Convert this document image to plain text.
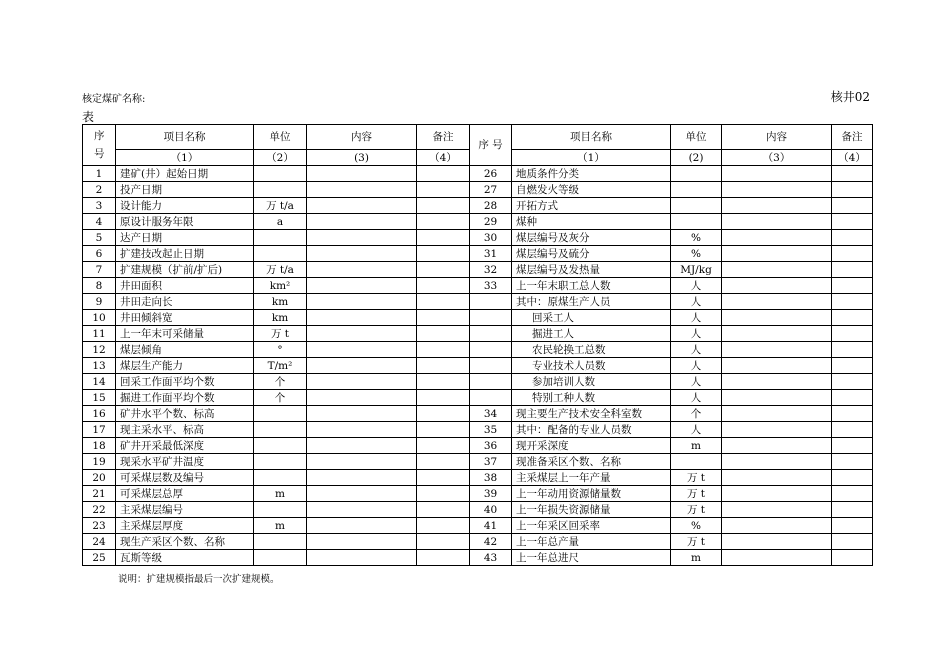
核定煤矿名称:	核井02
表
序号	项目名称	单位	内容	备注	序 号	项目名称	单位	内容	备注
	（1）	（2）	(3)	（4）		（1）	(2)	（3）	（4）
1	建矿(井）起始日期				26	地质条件分类			
2	投产日期				27	自燃发火等级			
3	设计能力	万 t/a			28	开拓方式			
4	原设计服务年限	a			29	煤种			
5	达产日期				30	煤层编号及灰分	%		
6	扩建技改起止日期				31	煤层编号及硫分	%		
7	扩建规模（扩前/扩后)	万 t/a			32	煤层编号及发热量	MJ/kg		
8	井田面积	km²			33	上一年末职工总人数	人		
9	井田走向长	km				其中：原煤生产人员	人		
10	井田倾斜宽	km				回采工人	人		
11	上一年末可采储量	万 t				掘进工人	人		
12	煤层倾角	°				农民轮换工总数	人		
13	煤层生产能力	T/m²				专业技术人员数	人		
14	回采工作面平均个数	个				参加培训人数	人		
15	掘进工作面平均个数	个				特别工种人数	人		
16	矿井水平个数、标高				34	现主要生产技术安全科室数	个		
17	现主采水平、标高				35	其中：配备的专业人员数	人		
18	矿井开采最低深度				36	现开采深度	m		
19	现采水平矿井温度				37	现准备采区个数、名称			
20	可采煤层数及编号				38	主采煤层上一年产量	万 t		
21	可采煤层总厚	m			39	上一年动用资源储量数	万 t		
22	主采煤层编号				40	上一年损失资源储量	万 t		
23	主采煤层厚度	m			41	上一年采区回采率	%		
24	现生产采区个数、名称				42	上一年总产量	万 t		
25	瓦斯等级				43	上一年总进尺	m		
说明：扩建规模指最后一次扩建规模。
